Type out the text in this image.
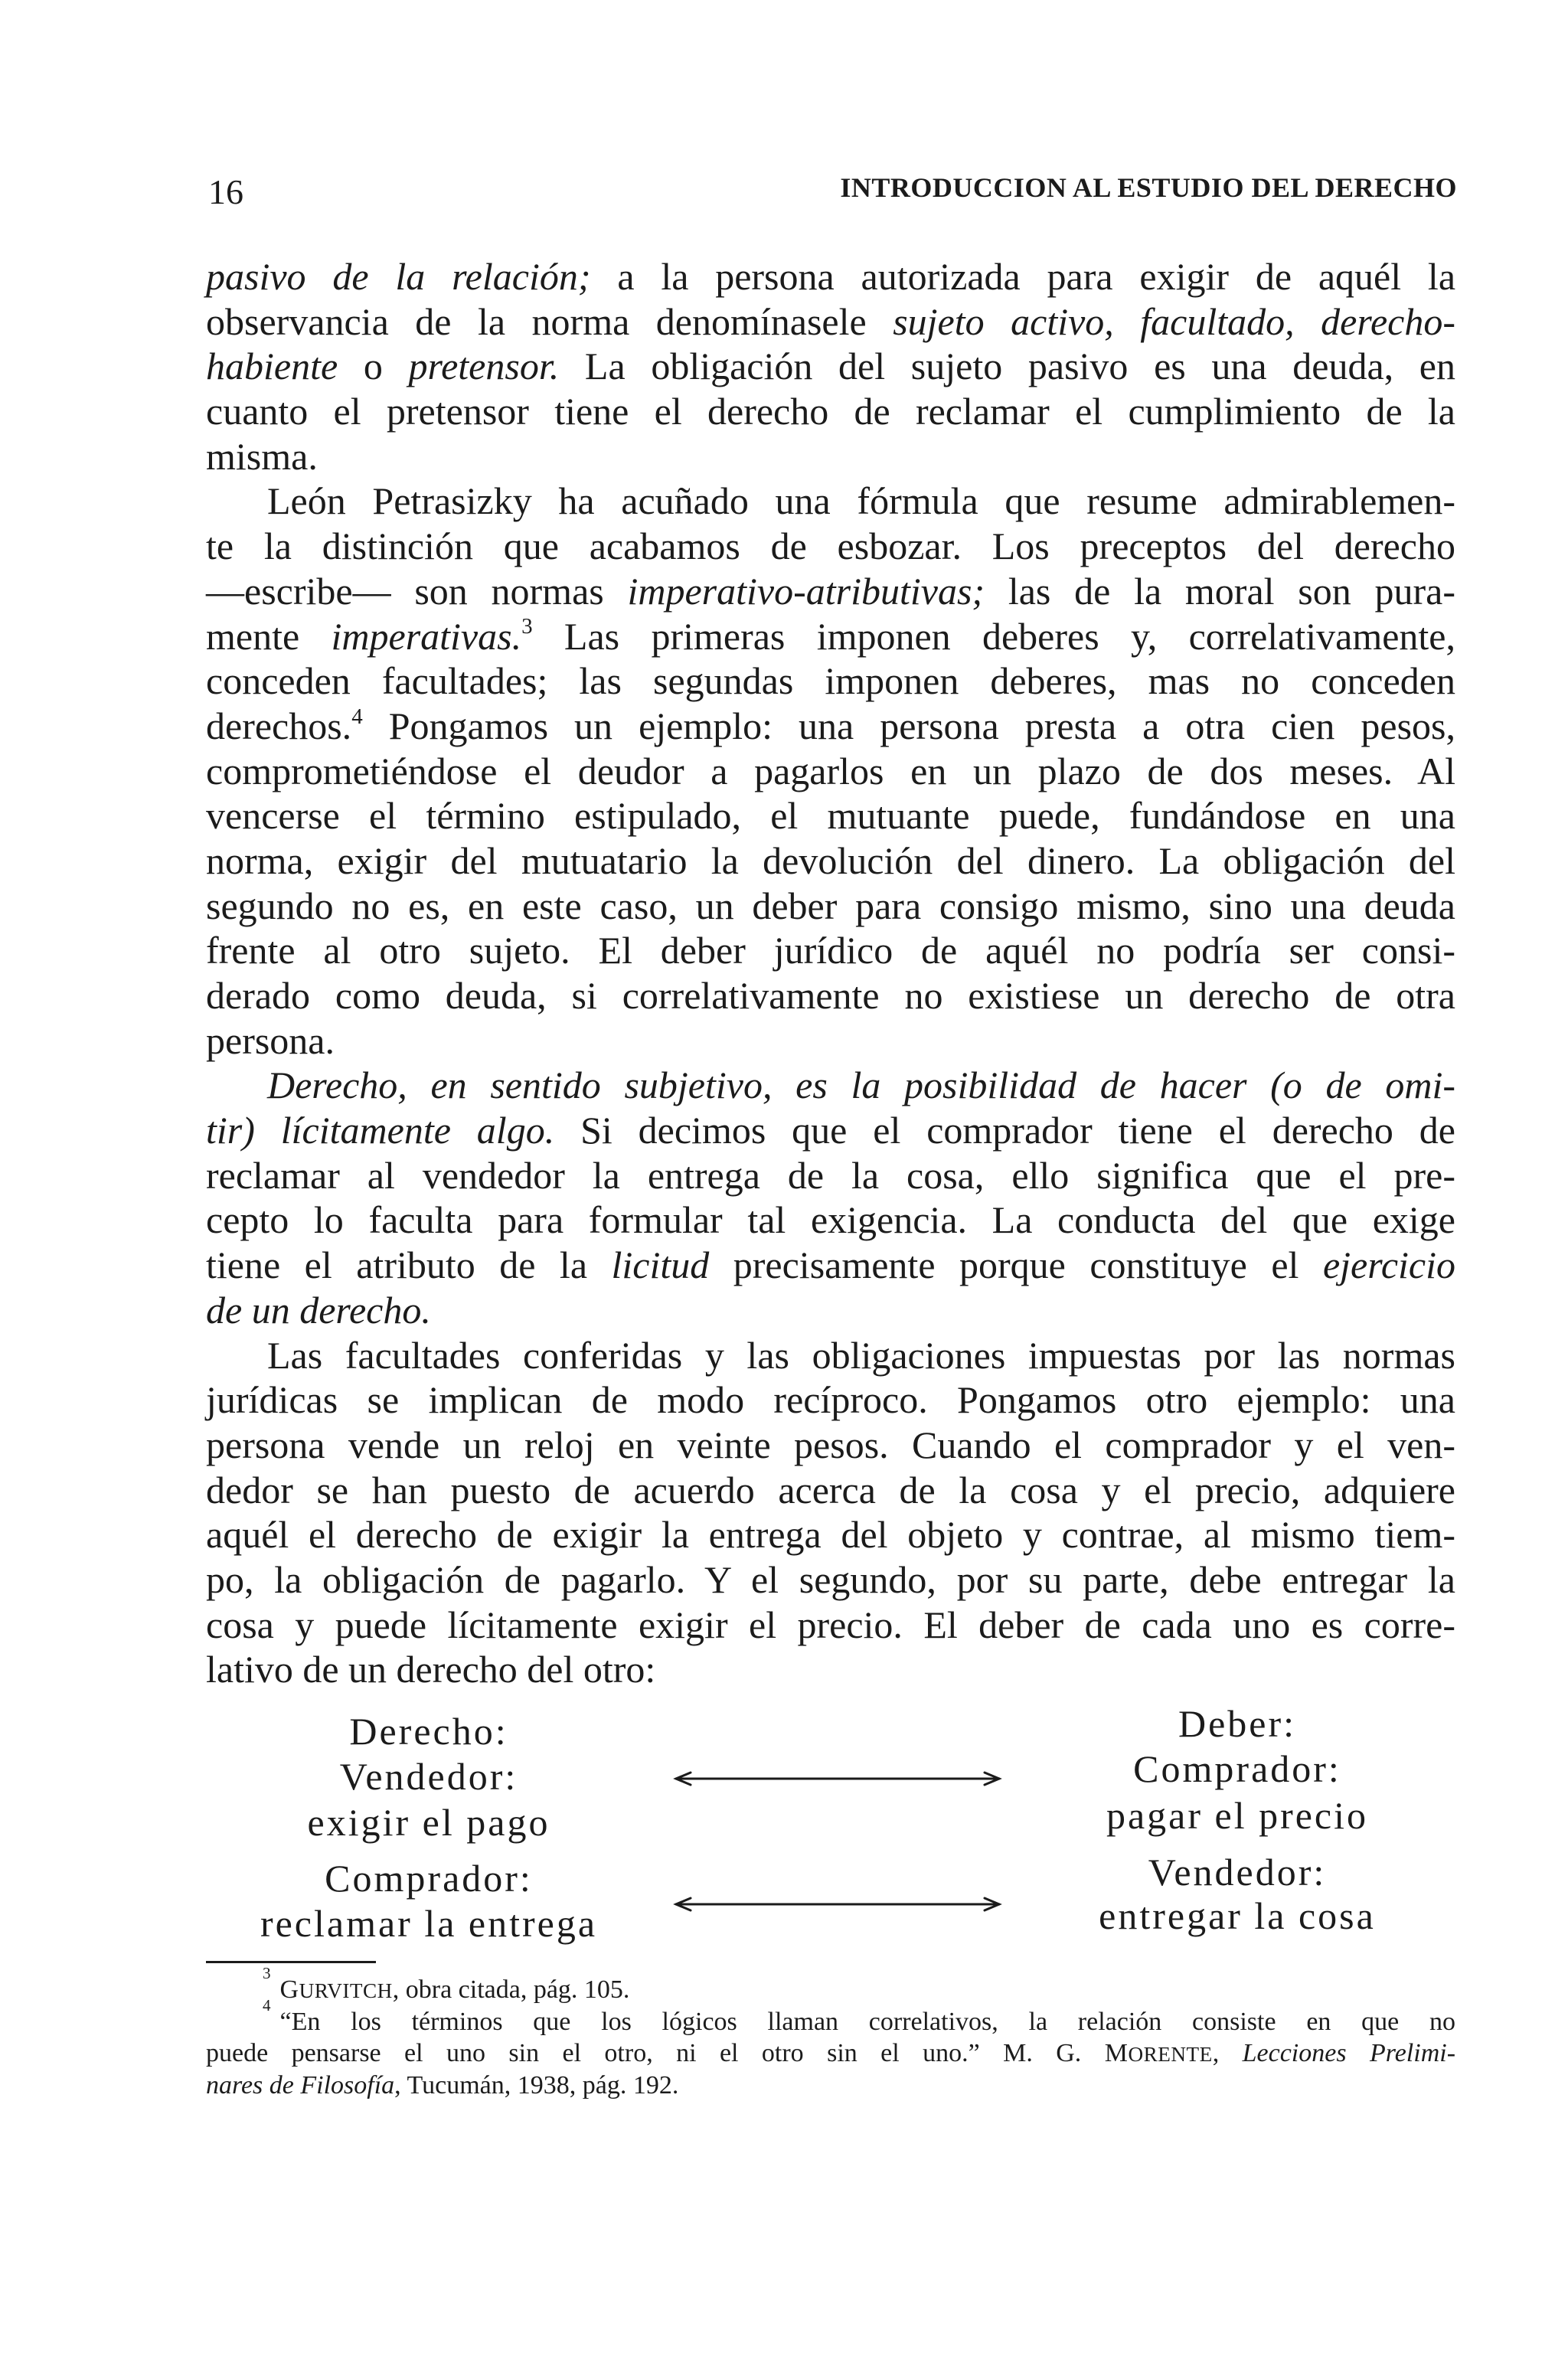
16	INTRODUCCION AL ESTUDIO DEL DERECHO
pasivo de la relación; a la persona autorizada para exigir de aquél la
observancia de la norma denomínasele sujeto activo, facultado, derecho-
habiente o pretensor. La obligación del sujeto pasivo es una deuda, en
cuanto el pretensor tiene el derecho de reclamar el cumplimiento de la
misma.
León Petrasizky ha acuñado una fórmula que resume admirablemen-
te la distinción que acabamos de esbozar. Los preceptos del derecho
—escribe— son normas imperativo-atributivas; las de la moral son pura-
mente imperativas.$^3$ Las primeras imponen deberes y, correlativamente,
conceden facultades; las segundas imponen deberes, mas no conceden
derechos.$^4$ Pongamos un ejemplo: una persona presta a otra cien pesos,
comprometiéndose el deudor a pagarlos en un plazo de dos meses. Al
vencerse el término estipulado, el mutuante puede, fundándose en una
norma, exigir del mutuatario la devolución del dinero. La obligación del
segundo no es, en este caso, un deber para consigo mismo, sino una deuda
frente al otro sujeto. El deber jurídico de aquél no podría ser consi-
derado como deuda, si correlativamente no existiese un derecho de otra
persona.
Derecho, en sentido subjetivo, es la posibilidad de hacer (o de omi-
tir) lícitamente algo. Si decimos que el comprador tiene el derecho de
reclamar al vendedor la entrega de la cosa, ello significa que el pre-
cepto lo faculta para formular tal exigencia. La conducta del que exige
tiene el atributo de la licitud precisamente porque constituye el ejercicio
de un derecho.
Las facultades conferidas y las obligaciones impuestas por las normas
jurídicas se implican de modo recíproco. Pongamos otro ejemplo: una
persona vende un reloj en veinte pesos. Cuando el comprador y el ven-
dedor se han puesto de acuerdo acerca de la cosa y el precio, adquiere
aquél el derecho de exigir la entrega del objeto y contrae, al mismo tiem-
po, la obligación de pagarlo. Y el segundo, por su parte, debe entregar la
cosa y puede lícitamente exigir el precio. El deber de cada uno es corre-
lativo de un derecho del otro:
Derecho:
Vendedor:
exigir el pago
Comprador:
reclamar la entrega
Deber:
Comprador:
pagar el precio
Vendedor:
entregar la cosa
$^3$GURVITCH, obra citada, pág. 105.
$^4$“En los términos que los lógicos llaman correlativos, la relación consiste en que no
puede pensarse el uno sin el otro, ni el otro sin el uno.” M. G. MORENTE, Lecciones Prelimi-
nares de Filosofía, Tucumán, 1938, pág. 192.
